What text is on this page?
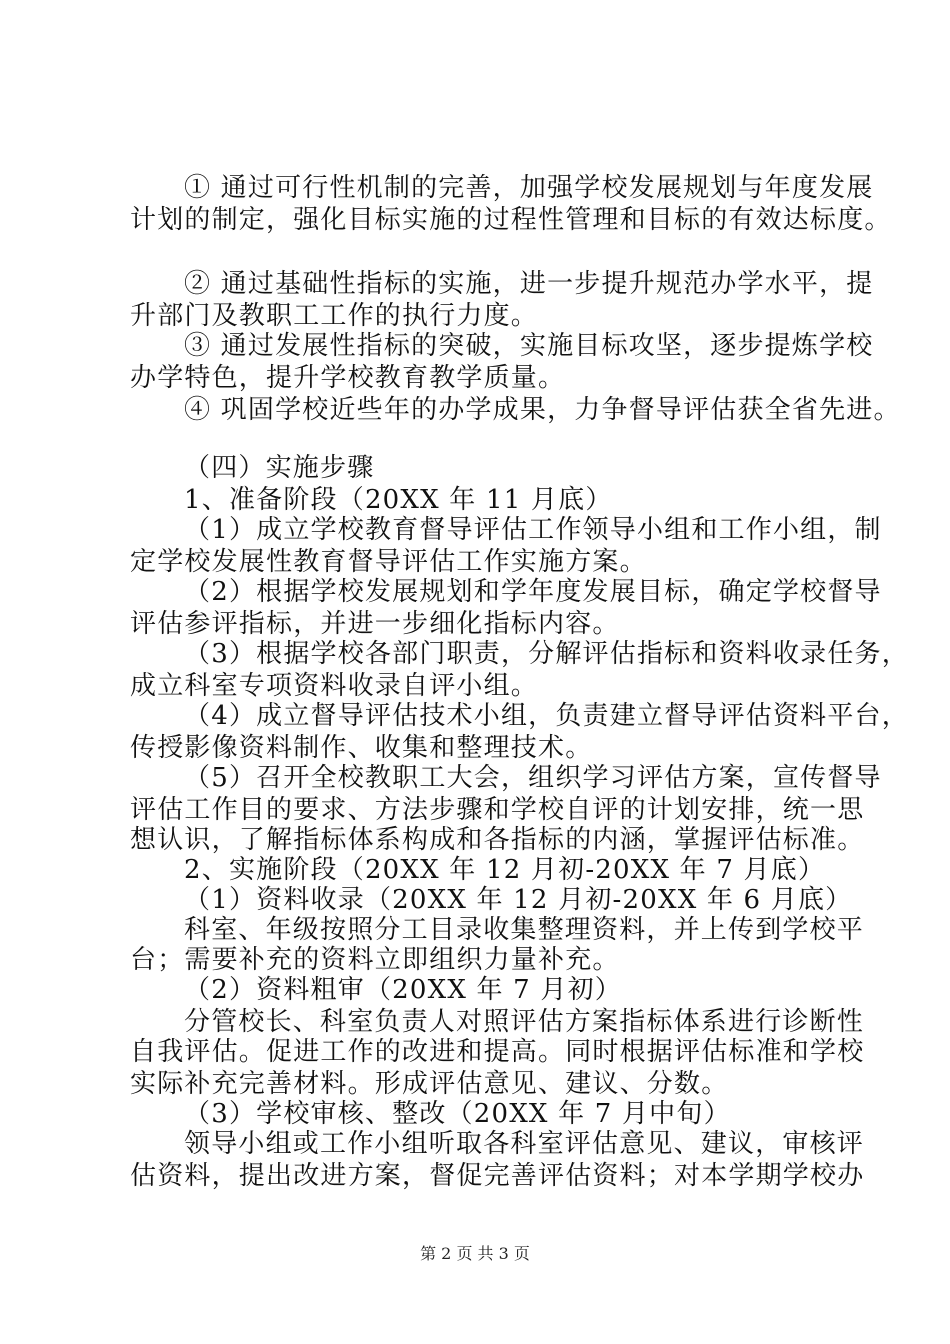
① 通过可行性机制的完善，加强学校发展规划与年度发展
计划的制定，强化目标实施的过程性管理和目标的有效达标度。
② 通过基础性指标的实施，进一步提升规范办学水平，提
升部门及教职工工作的执行力度。
③ 通过发展性指标的突破，实施目标攻坚，逐步提炼学校
办学特色，提升学校教育教学质量。
④ 巩固学校近些年的办学成果，力争督导评估获全省先进。
（四）实施步骤
1、准备阶段（20XX 年 11 月底）
（1）成立学校教育督导评估工作领导小组和工作小组，制
定学校发展性教育督导评估工作实施方案。
（2）根据学校发展规划和学年度发展目标，确定学校督导
评估参评指标，并进一步细化指标内容。
（3）根据学校各部门职责，分解评估指标和资料收录任务，
成立科室专项资料收录自评小组。
（4）成立督导评估技术小组，负责建立督导评估资料平台，
传授影像资料制作、收集和整理技术。
（5）召开全校教职工大会，组织学习评估方案，宣传督导
评估工作目的要求、方法步骤和学校自评的计划安排，统一思
想认识，了解指标体系构成和各指标的内涵，掌握评估标准。
2、实施阶段（20XX 年 12 月初-20XX 年 7 月底）
（1）资料收录（20XX 年 12 月初-20XX 年 6 月底）
科室、年级按照分工目录收集整理资料，并上传到学校平
台；需要补充的资料立即组织力量补充。
（2）资料粗审（20XX 年 7 月初）
分管校长、科室负责人对照评估方案指标体系进行诊断性
自我评估。促进工作的改进和提高。同时根据评估标准和学校
实际补充完善材料。形成评估意见、建议、分数。
（3）学校审核、整改（20XX 年 7 月中旬）
领导小组或工作小组听取各科室评估意见、建议，审核评
估资料，提出改进方案，督促完善评估资料；对本学期学校办
第 2 页 共 3 页
